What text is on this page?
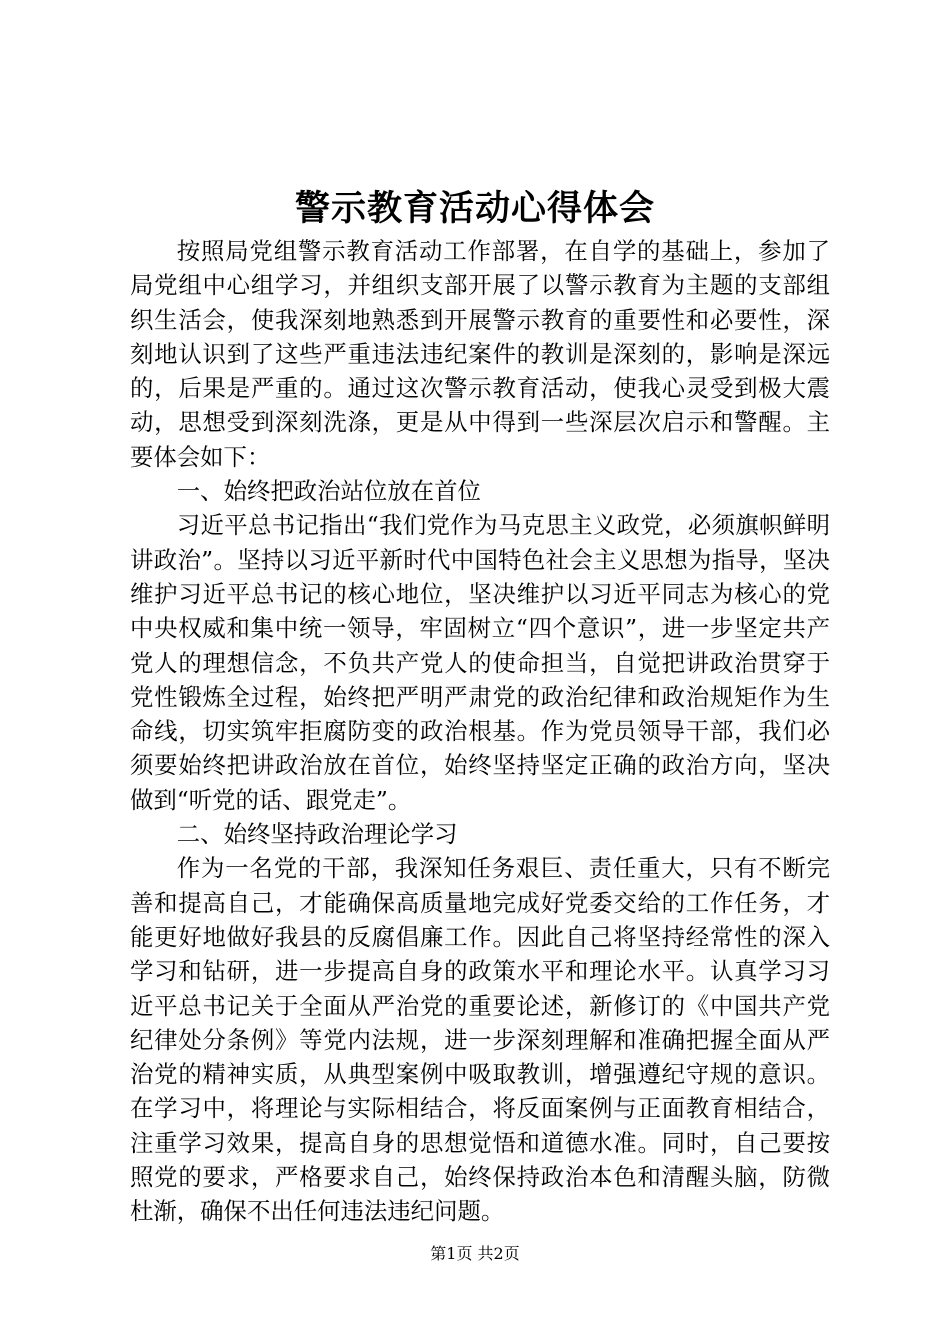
警示教育活动心得体会

按照局党组警示教育活动工作部署，在自学的基础上，参加了局党组中心组学习，并组织支部开展了以警示教育为主题的支部组织生活会，使我深刻地熟悉到开展警示教育的重要性和必要性，深刻地认识到了这些严重违法违纪案件的教训是深刻的，影响是深远的，后果是严重的。通过这次警示教育活动，使我心灵受到极大震动，思想受到深刻洗涤，更是从中得到一些深层次启示和警醒。主要体会如下：

一、始终把政治站位放在首位

习近平总书记指出“我们党作为马克思主义政党，必须旗帜鲜明讲政治”。坚持以习近平新时代中国特色社会主义思想为指导，坚决维护习近平总书记的核心地位，坚决维护以习近平同志为核心的党中央权威和集中统一领导，牢固树立“四个意识”，进一步坚定共产党人的理想信念，不负共产党人的使命担当，自觉把讲政治贯穿于党性锻炼全过程，始终把严明严肃党的政治纪律和政治规矩作为生命线，切实筑牢拒腐防变的政治根基。作为党员领导干部，我们必须要始终把讲政治放在首位，始终坚持坚定正确的政治方向，坚决做到“听党的话、跟党走”。

二、始终坚持政治理论学习

作为一名党的干部，我深知任务艰巨、责任重大，只有不断完善和提高自己，才能确保高质量地完成好党委交给的工作任务，才能更好地做好我县的反腐倡廉工作。因此自己将坚持经常性的深入学习和钻研，进一步提高自身的政策水平和理论水平。认真学习习近平总书记关于全面从严治党的重要论述，新修订的《中国共产党纪律处分条例》等党内法规，进一步深刻理解和准确把握全面从严治党的精神实质，从典型案例中吸取教训，增强遵纪守规的意识。在学习中，将理论与实际相结合，将反面案例与正面教育相结合，注重学习效果，提高自身的思想觉悟和道德水准。同时，自己要按照党的要求，严格要求自己，始终保持政治本色和清醒头脑，防微杜渐，确保不出任何违法违纪问题。

第1页 共2页
